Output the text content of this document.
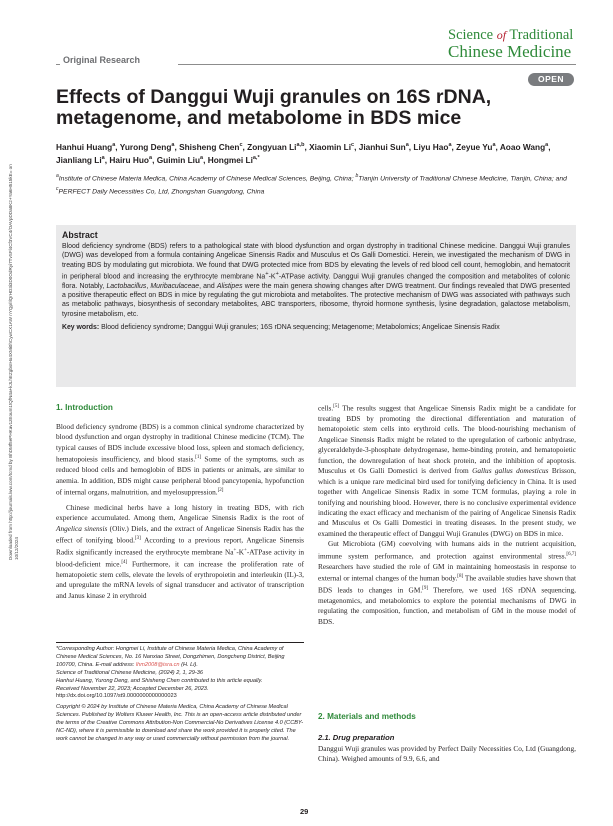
Downloaded from http://journals.lww.com/tcmd by BhDMf5ePHKav1zEoum1tQfN4a+kJLhEZgbsIHo4XMi0hCywCX1AW nYQp/IlQrHD3i3D0OdRyi7TvSFl4Cf3VC4/OAVpDDa8K2+Ya6H515kE= on 10/12/2024
Science of Traditional
Chinese Medicine
Original Research
OPEN
Effects of Danggui Wuji granules on 16S rDNA, metagenome, and metabolome in BDS mice
Hanhui Huang$^a$, Yurong Deng$^a$, Shisheng Chen$^c$, Zongyuan Li$^{a,b}$, Xiaomin Li$^c$, Jianhui Sun$^a$, Liyu Hao$^a$, Zeyue Yu$^a$, Aoao Wang$^a$, Jianliang Li$^a$, Hairu Huo$^a$, Guimin Liu$^a$, Hongmei $Li^{a,*}$
$^a$Institute of Chinese Materia Medica, China Academy of Chinese Medical Sciences, Beijing, China; $^b$Tianjin University of Traditional Chinese Medicine, Tianjin, China; and $^c$PERFECT Daily Necessities Co, Ltd, Zhongshan Guangdong, China
Abstract
Blood deficiency syndrome (BDS) refers to a pathological state with blood dysfunction and organ dystrophy in traditional Chinese medicine. Danggui Wuji granules (DWG) was developed from a formula containing Angelicae Sinensis Radix and Musculus et Os Galli Domestici. Herein, we investigated the mechanism of DWG in treating BDS by modulating gut microbiota. We found that DWG protected mice from BDS by elevating the levels of red blood cell count, hemoglobin, and hematocrit in peripheral blood and increasing the erythrocyte membrane Na+-K+-ATPase activity. Danggui Wuji granules changed the composition and metabolites of colonic flora. Notably, Lactobacillus, Muribaculaceae, and Alistipes were the main genera showing changes after DWG treatment. Our findings revealed that DWG presented a positive therapeutic effect on BDS in mice by regulating the gut microbiota and metabolites. The protective mechanism of DWG was associated with pathways such as metabolic pathways, biosynthesis of secondary metabolites, ABC transporters, ribosome, thyroid hormone synthesis, lysine degradation, galactose metabolism, tyrosine metabolism, etc.
Key words: Blood deficiency syndrome; Danggui Wuji granules; 16S rDNA sequencing; Metagenome; Metabolomics; Angelicae Sinensis Radix
1. Introduction

Blood deficiency syndrome (BDS) is a common clinical syndrome characterized by blood dysfunction and organ dystrophy in traditional Chinese medicine (TCM). The typical causes of BDS include excessive blood loss, spleen and stomach deficiency, hematopoiesis insufficiency, and blood stasis.[1] Some of the symptoms, such as reduced blood cells and hemoglobin of BDS in patients or animals, are similar to anemia. In addition, BDS might cause peripheral blood pancytopenia, hypofunction of internal organs, malnutrition, and myelosuppression.[2]

Chinese medicinal herbs have a long history in treating BDS, with rich experience accumulated. Among them, Angelicae Sinensis Radix is the root of Angelica sinensis (Oliv.) Diels, and the extract of Angelicae Sinensis Radix has the effect of tonifying blood.[3] According to a previous report, Angelicae Sinensis Radix significantly increased the erythrocyte membrane Na+-K+-ATPase activity in blood-deficient mice.[4] Furthermore, it can increase the proliferation rate of hematopoietic stem cells, elevate the levels of erythropoietin and interleukin (IL)-3, and upregulate the mRNA levels of signal transducer and activator of transcription and Janus kinase 2 in erythroid

cells.[5] The results suggest that Angelicae Sinensis Radix might be a candidate for treating BDS by promoting the directional differentiation and maturation of hematopoietic stem cells into erythroid cells. The blood-nourishing mechanism of Angelicae Sinensis Radix might be related to the upregulation of carbonic anhydrase, glyceraldehyde-3-phosphate dehydrogenase, heme-binding protein, and hematopoietic function, the downregulation of heat shock protein, and the inhibition of apoptosis. Musculus et Os Galli Domestici is derived from Gallus gallus domesticus Brisson, which is a unique rare medicinal bird used for tonifying deficiency in China. It is used together with Angelicae Sinensis Radix in some TCM formulas, playing a role in tonifying and nourishing blood. However, there is no conclusive experimental evidence indicating the exact efficacy and mechanism of the pairing of Angelicae Sinensis Radix and Musculus et Os Galli Domestici in treating diseases. In the present study, we examined the therapeutic effect of Danggui Wuji Granules (DWG) on BDS in mice.

Gut Microbiota (GM) coevolving with humans aids in the nutrient acquisition, immune system performance, and protection against environmental stress.[6,7] Researchers have studied the role of GM in maintaining homeostasis in response to external or internal changes of the human body.[8] The available studies have shown that BDS leads to changes in GM.[9] Therefore, we used 16S rDNA sequencing, metagenomics, and metabolomics to explore the potential mechanisms of DWG in regulating the composition, function, and metabolism of GM in the mouse model of BDS.

2. Materials and methods
2.1. Drug preparation

Danggui Wuji granules was provided by Perfect Daily Necessities Co, Ltd (Guangdong, China). Weighed amounts of 9.9, 6.6, and

*Corresponding Author: Hongmei Li, Institute of Chinese Materia Medica, China Academy of Chinese Medical Sciences, No. 16 Nanxiao Street, Dongzhimen, Dongcheng District, Beijing 100700, China. E-mail address: lhm2008@isra.cn (H. Li).
Science of Traditional Chinese Medicine, (2024) 2, 1, 29-36
Hanhui Huang, Yurong Deng, and Shisheng Chen contributed to this article equally.
Received November 22, 2023; Accepted December 26, 2023.
http://dx.doi.org/10.1097/st9.0000000000000023
Copyright © 2024 by Institute of Chinese Materia Medica, China Academy of Chinese Medical Sciences. Published by Wolters Kluwer Health, Inc. This is an open-access article distributed under the terms of the Creative Commons Attribution-Non Commercial-No Derivatives License 4.0 (CCBY-NC-ND), where it is permissible to download and share the work provided it is properly cited. The work cannot be changed in any way or used commercially without permission from the journal.
29
